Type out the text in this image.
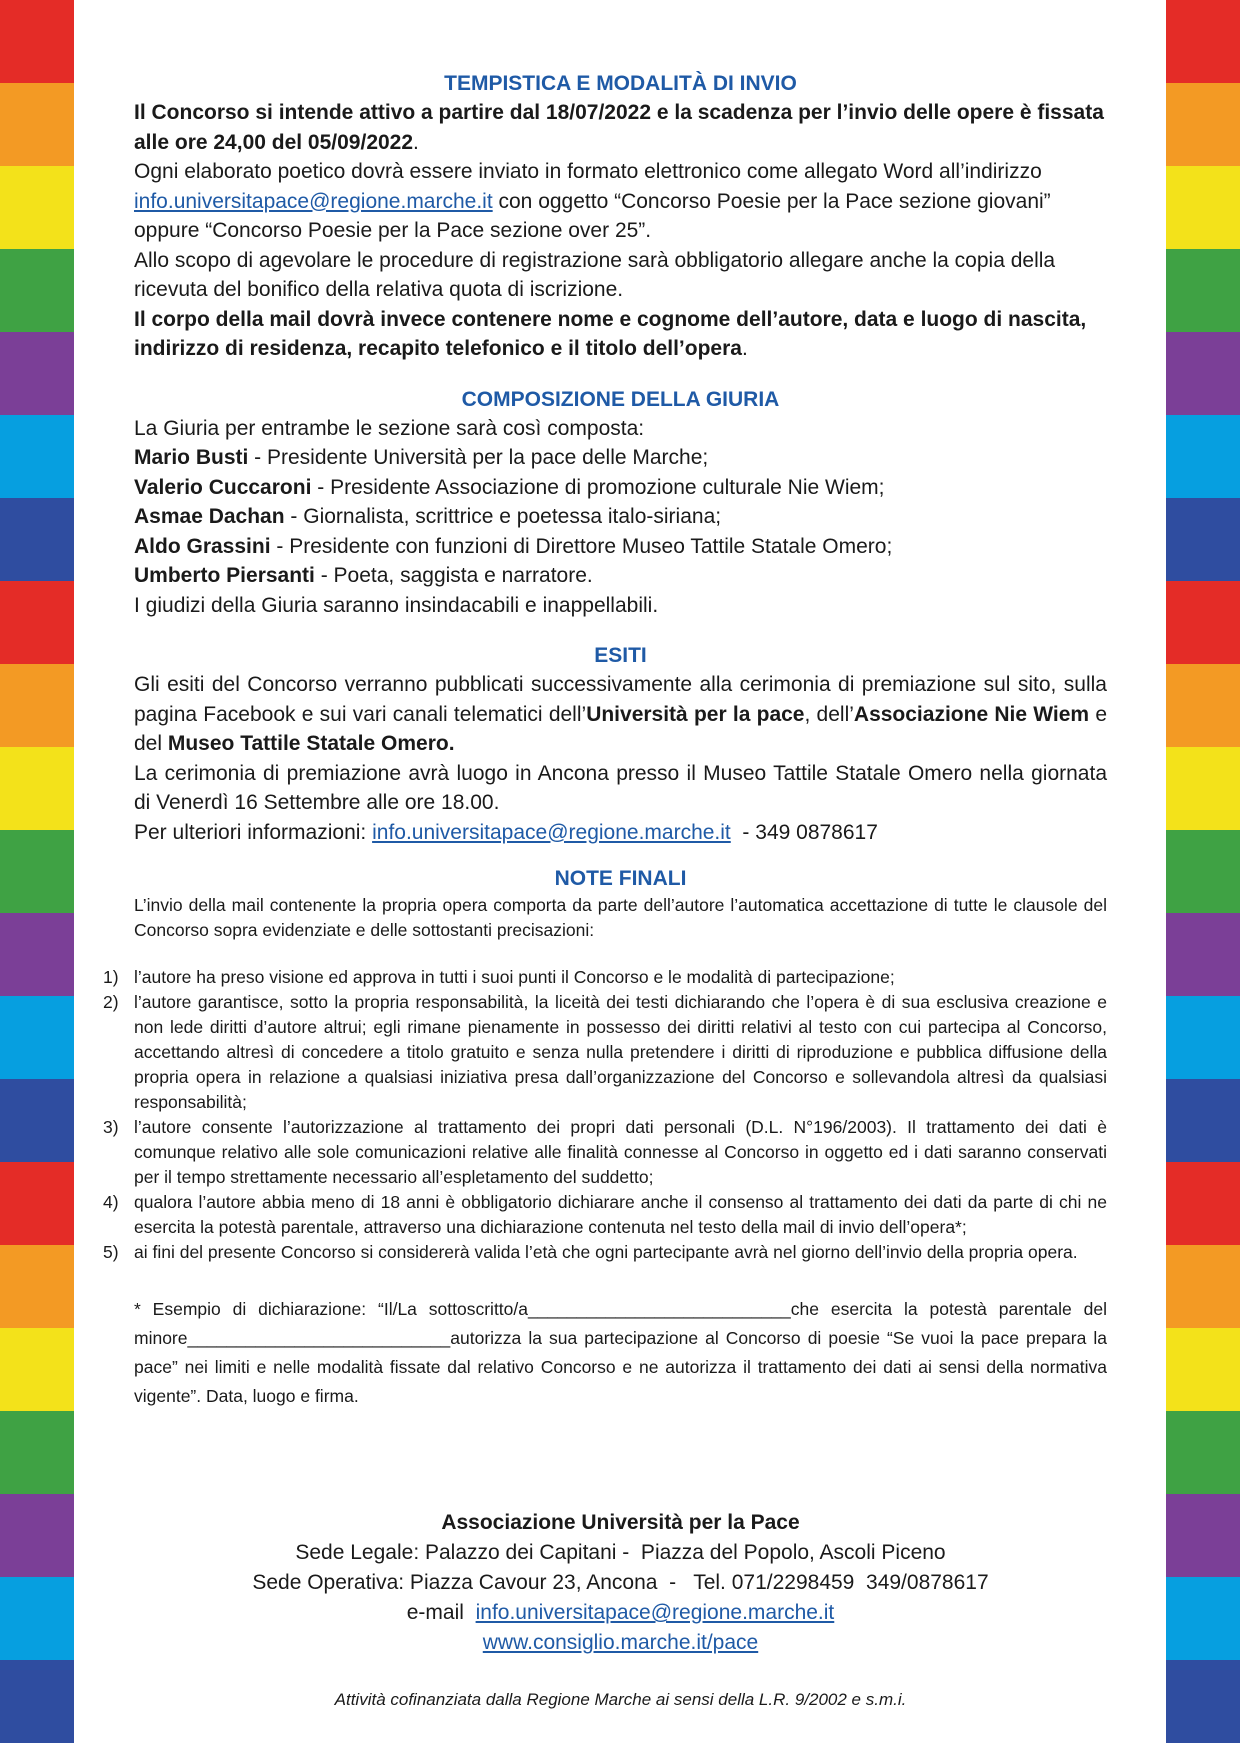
TEMPISTICA E MODALITÀ DI INVIO

Il Concorso si intende attivo a partire dal 18/07/2022 e la scadenza per l’invio delle opere è fissata alle ore 24,00 del 05/09/2022.

Ogni elaborato poetico dovrà essere inviato in formato elettronico come allegato Word all’indirizzo
info.universitapace@regione.marche.it con oggetto “Concorso Poesie per la Pace sezione giovani” oppure “Concorso Poesie per la Pace sezione over 25”.

Allo scopo di agevolare le procedure di registrazione sarà obbligatorio allegare anche la copia della ricevuta del bonifico della relativa quota di iscrizione.

Il corpo della mail dovrà invece contenere nome e cognome dell’autore, data e luogo di nascita, indirizzo di residenza, recapito telefonico e il titolo dell’opera.

COMPOSIZIONE DELLA GIURIA

La Giuria per entrambe le sezione sarà così composta:

Mario Busti - Presidente Università per la pace delle Marche;

Valerio Cuccaroni - Presidente Associazione di promozione culturale Nie Wiem;

Asmae Dachan - Giornalista, scrittrice e poetessa italo-siriana;

Aldo Grassini - Presidente con funzioni di Direttore Museo Tattile Statale Omero;

Umberto Piersanti - Poeta, saggista e narratore.

I giudizi della Giuria saranno insindacabili e inappellabili.

ESITI

Gli esiti del Concorso verranno pubblicati successivamente alla cerimonia di premiazione sul sito, sulla pagina Facebook e sui vari canali telematici dell’Università per la pace, dell’Associazione Nie Wiem e del Museo Tattile Statale Omero.

La cerimonia di premiazione avrà luogo in Ancona presso il Museo Tattile Statale Omero nella giornata di Venerdì 16 Settembre alle ore 18.00.

Per ulteriori informazioni: info.universitapace@regione.marche.it  - 349 0878617

NOTE FINALI

L’invio della mail contenente la propria opera comporta da parte dell’autore l’automatica accettazione di tutte le clausole del Concorso sopra evidenziate e delle sottostanti precisazioni:

1) l’autore ha preso visione ed approva in tutti i suoi punti il Concorso e le modalità di partecipazione;
2) l’autore garantisce, sotto la propria responsabilità, la liceità dei testi dichiarando che l’opera è di sua esclusiva creazione e non lede diritti d’autore altrui; egli rimane pienamente in possesso dei diritti relativi al testo con cui partecipa al Concorso, accettando altresì di concedere a titolo gratuito e senza nulla pretendere i diritti di riproduzione e pubblica diffusione della propria opera in relazione a qualsiasi iniziativa presa dall’organizzazione del Concorso e sollevandola altresì da qualsiasi responsabilità;
3) l’autore consente l’autorizzazione al trattamento dei propri dati personali (D.L. N°196/2003). Il trattamento dei dati è comunque relativo alle sole comunicazioni relative alle finalità connesse al Concorso in oggetto ed i dati saranno conservati per il tempo strettamente necessario all’espletamento del suddetto;
4) qualora l’autore abbia meno di 18 anni è obbligatorio dichiarare anche il consenso al trattamento dei dati da parte di chi ne esercita la potestà parentale, attraverso una dichiarazione contenuta nel testo della mail di invio dell’opera*;
5) ai fini del presente Concorso si considererà valida l’età che ogni partecipante avrà nel giorno dell’invio della propria opera.

* Esempio di dichiarazione: “Il/La sottoscritto/a___________________________che esercita la potestà parentale del minore___________________________autorizza la sua partecipazione al Concorso di poesie “Se vuoi la pace prepara la pace” nei limiti e nelle modalità fissate dal relativo Concorso e ne autorizza il trattamento dei dati ai sensi della normativa vigente”. Data, luogo e firma.

Associazione Università per la Pace

Sede Legale: Palazzo dei Capitani -  Piazza del Popolo, Ascoli Piceno

Sede Operativa: Piazza Cavour 23, Ancona  -   Tel. 071/2298459  349/0878617

e-mail  info.universitapace@regione.marche.it

www.consiglio.marche.it/pace

Attività cofinanziata dalla Regione Marche ai sensi della L.R. 9/2002 e s.m.i.
